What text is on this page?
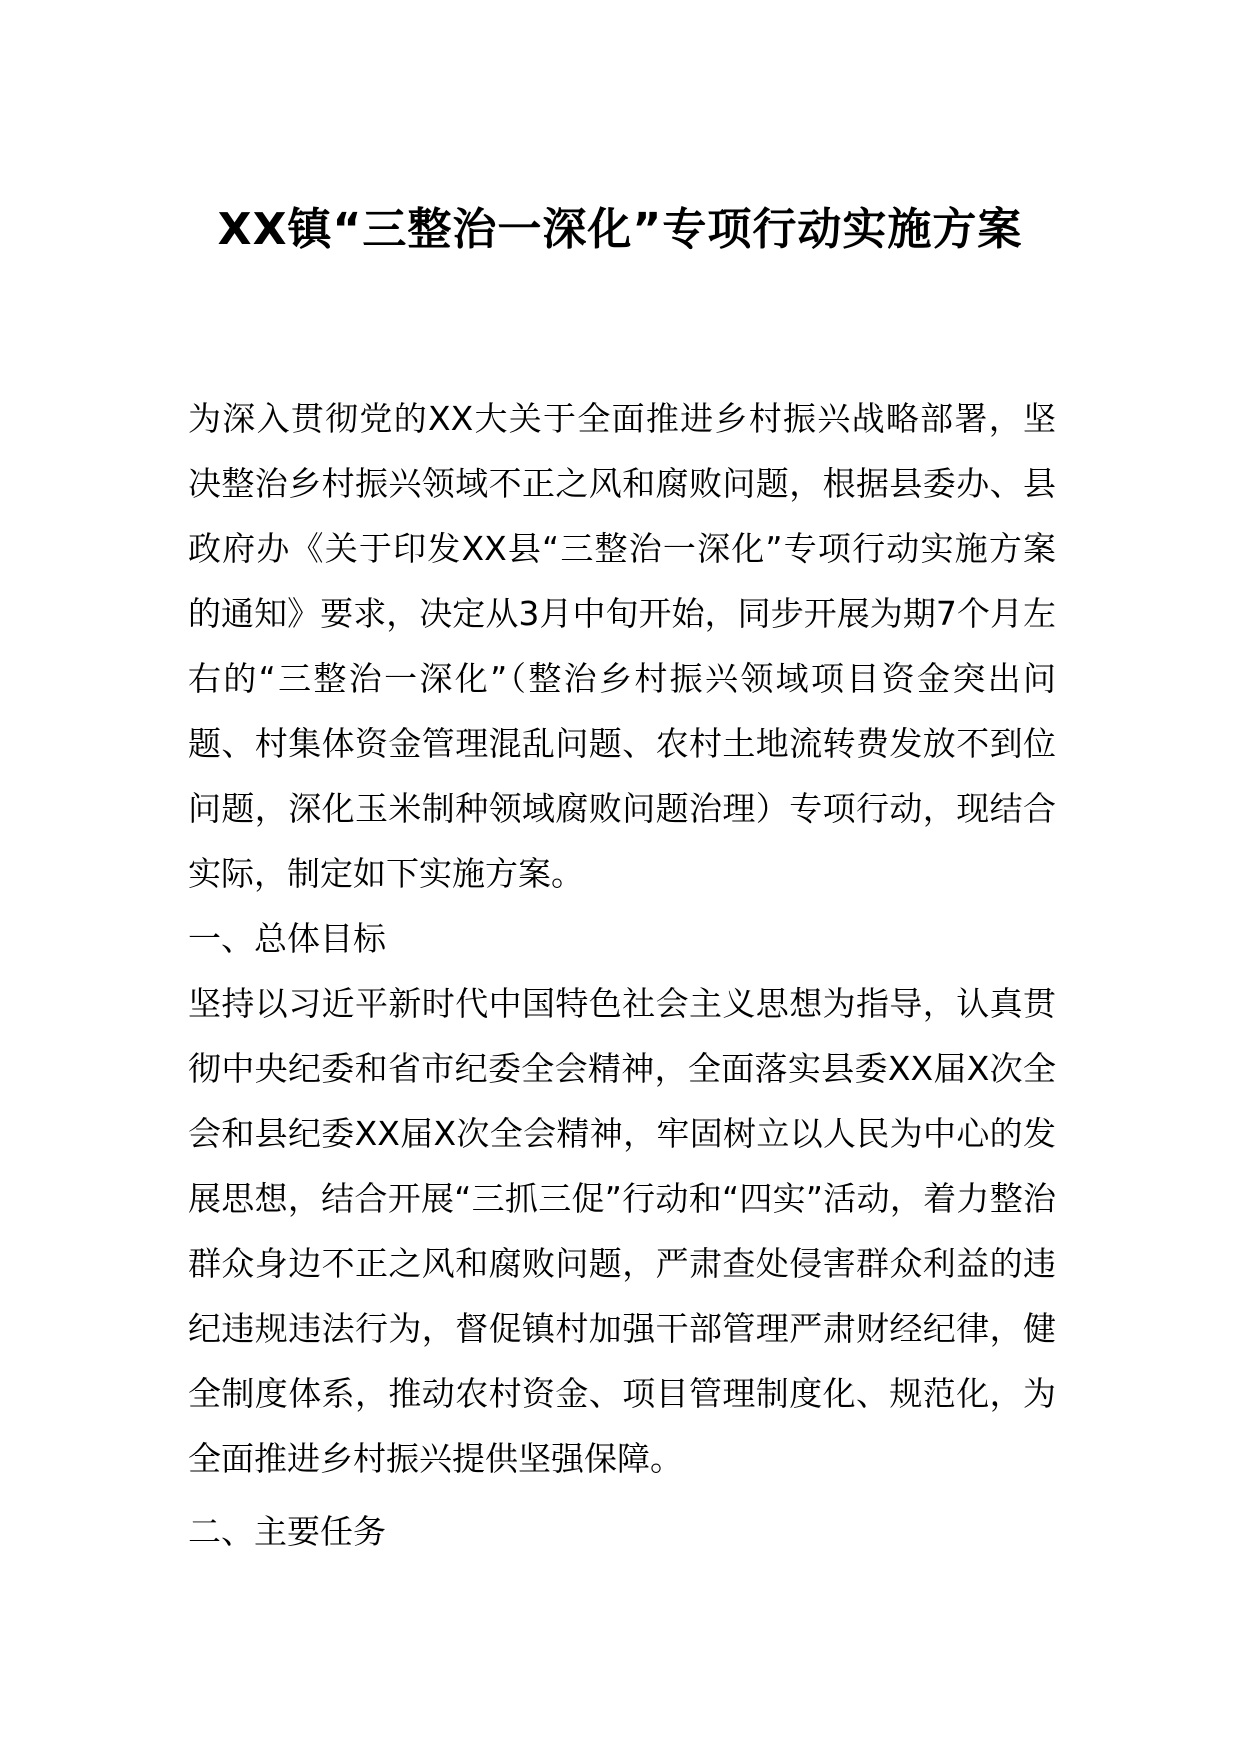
XX镇“三整治一深化”专项行动实施方案

为深入贯彻党的XX大关于全面推进乡村振兴战略部署，坚决整治乡村振兴领域不正之风和腐败问题，根据县委办、县政府办《关于印发XX县“三整治一深化”专项行动实施方案的通知》要求，决定从3月中旬开始，同步开展为期7个月左右的“三整治一深化”（整治乡村振兴领域项目资金突出问题、村集体资金管理混乱问题、农村土地流转费发放不到位问题，深化玉米制种领域腐败问题治理）专项行动，现结合实际，制定如下实施方案。

一、总体目标

坚持以习近平新时代中国特色社会主义思想为指导，认真贯彻中央纪委和省市纪委全会精神，全面落实县委XX届X次全会和县纪委XX届X次全会精神，牢固树立以人民为中心的发展思想，结合开展“三抓三促”行动和“四实”活动，着力整治群众身边不正之风和腐败问题，严肃查处侵害群众利益的违纪违规违法行为，督促镇村加强干部管理严肃财经纪律，健全制度体系，推动农村资金、项目管理制度化、规范化，为全面推进乡村振兴提供坚强保障。

二、主要任务
